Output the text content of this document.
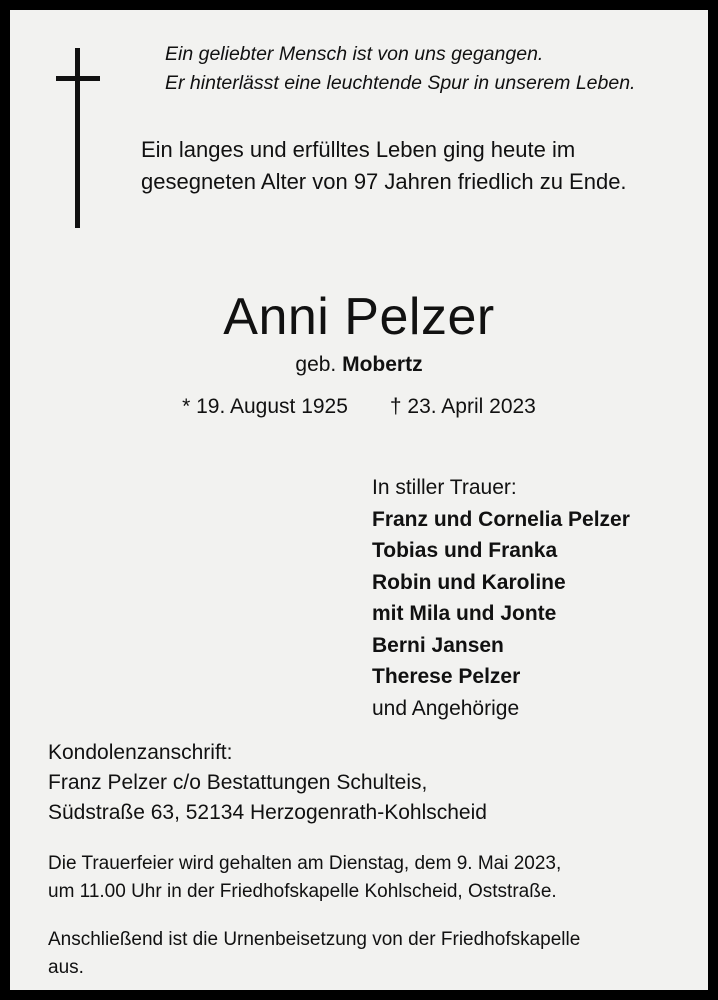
Ein geliebter Mensch ist von uns gegangen.
Er hinterlässt eine leuchtende Spur in unserem Leben.
Ein langes und erfülltes Leben ging heute im gesegneten Alter von 97 Jahren friedlich zu Ende.
Anni Pelzer
geb. Mobertz
* 19. August 1925 † 23. April 2023
In stiller Trauer:
Franz und Cornelia Pelzer
Tobias und Franka
Robin und Karoline
mit Mila und Jonte
Berni Jansen
Therese Pelzer
und Angehörige
Kondolenzanschrift:
Franz Pelzer c/o Bestattungen Schulteis,
Südstraße 63, 52134 Herzogenrath-Kohlscheid
Die Trauerfeier wird gehalten am Dienstag, dem 9. Mai 2023,
um 11.00 Uhr in der Friedhofskapelle Kohlscheid, Oststraße.
Anschließend ist die Urnenbeisetzung von der Friedhofskapelle
aus.
